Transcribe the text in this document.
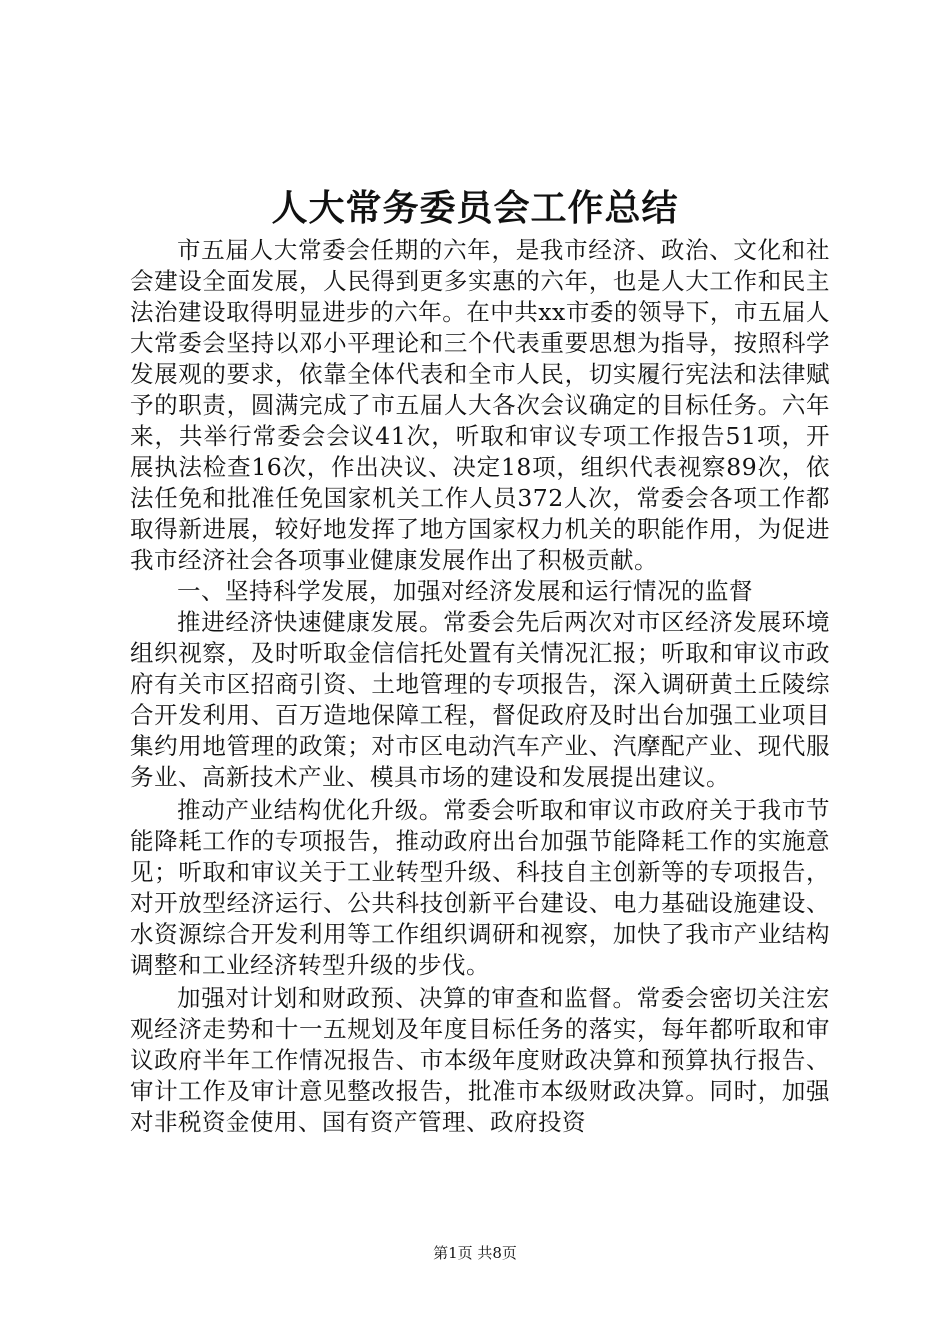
人大常务委员会工作总结

市五届人大常委会任期的六年，是我市经济、政治、文化和社会建设全面发展，人民得到更多实惠的六年，也是人大工作和民主法治建设取得明显进步的六年。在中共xx市委的领导下，市五届人大常委会坚持以邓小平理论和三个代表重要思想为指导，按照科学发展观的要求，依靠全体代表和全市人民，切实履行宪法和法律赋予的职责，圆满完成了市五届人大各次会议确定的目标任务。六年来，共举行常委会会议41次，听取和审议专项工作报告51项，开展执法检查16次，作出决议、决定18项，组织代表视察89次，依法任免和批准任免国家机关工作人员372人次，常委会各项工作都取得新进展，较好地发挥了地方国家权力机关的职能作用，为促进我市经济社会各项事业健康发展作出了积极贡献。

一、坚持科学发展，加强对经济发展和运行情况的监督

推进经济快速健康发展。常委会先后两次对市区经济发展环境组织视察，及时听取金信信托处置有关情况汇报；听取和审议市政府有关市区招商引资、土地管理的专项报告，深入调研黄土丘陵综合开发利用、百万造地保障工程，督促政府及时出台加强工业项目集约用地管理的政策；对市区电动汽车产业、汽摩配产业、现代服务业、高新技术产业、模具市场的建设和发展提出建议。

推动产业结构优化升级。常委会听取和审议市政府关于我市节能降耗工作的专项报告，推动政府出台加强节能降耗工作的实施意见；听取和审议关于工业转型升级、科技自主创新等的专项报告，对开放型经济运行、公共科技创新平台建设、电力基础设施建设、水资源综合开发利用等工作组织调研和视察，加快了我市产业结构调整和工业经济转型升级的步伐。

加强对计划和财政预、决算的审查和监督。常委会密切关注宏观经济走势和十一五规划及年度目标任务的落实，每年都听取和审议政府半年工作情况报告、市本级年度财政决算和预算执行报告、审计工作及审计意见整改报告，批准市本级财政决算。同时，加强对非税资金使用、国有资产管理、政府投资

第1页 共8页
